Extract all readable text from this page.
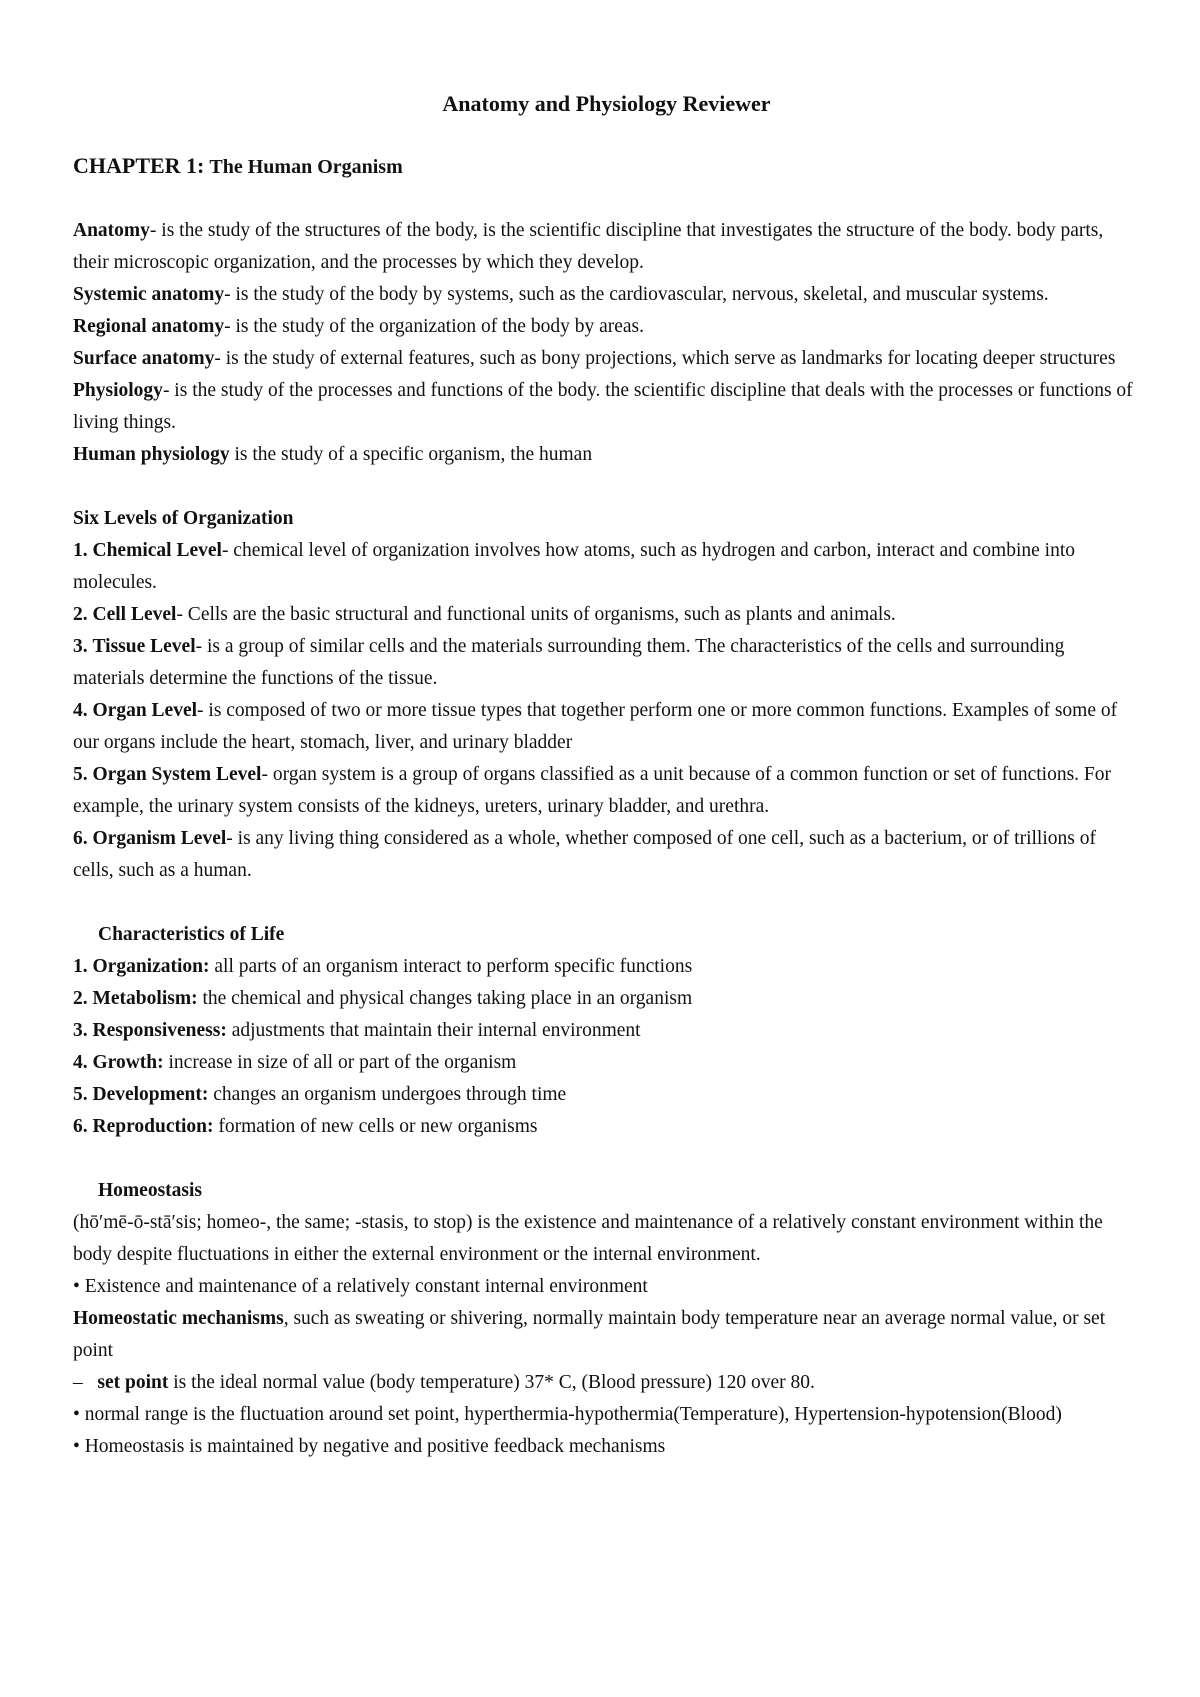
Anatomy and Physiology Reviewer
CHAPTER 1: The Human Organism

Anatomy- is the study of the structures of the body, is the scientific discipline that investigates the structure of the body. body parts, their microscopic organization, and the processes by which they develop.

Systemic anatomy- is the study of the body by systems, such as the cardiovascular, nervous, skeletal, and muscular systems.

Regional anatomy- is the study of the organization of the body by areas.

Surface anatomy- is the study of external features, such as bony projections, which serve as landmarks for locating deeper structures

Physiology- is the study of the processes and functions of the body. the scientific discipline that deals with the processes or functions of living things.

Human physiology is the study of a specific organism, the human

Six Levels of Organization

1. Chemical Level- chemical level of organization involves how atoms, such as hydrogen and carbon, interact and combine into molecules.

2. Cell Level- Cells are the basic structural and functional units of organisms, such as plants and animals.

3. Tissue Level- is a group of similar cells and the materials surrounding them. The characteristics of the cells and surrounding materials determine the functions of the tissue.

4. Organ Level- is composed of two or more tissue types that together perform one or more common functions. Examples of some of our organs include the heart, stomach, liver, and urinary bladder

5. Organ System Level- organ system is a group of organs classified as a unit because of a common function or set of functions. For example, the urinary system consists of the kidneys, ureters, urinary bladder, and urethra.

6. Organism Level- is any living thing considered as a whole, whether composed of one cell, such as a bacterium, or of trillions of cells, such as a human.

Characteristics of Life

1. Organization: all parts of an organism interact to perform specific functions

2. Metabolism: the chemical and physical changes taking place in an organism

3. Responsiveness: adjustments that maintain their internal environment

4. Growth: increase in size of all or part of the organism

5. Development: changes an organism undergoes through time

6. Reproduction: formation of new cells or new organisms

Homeostasis

(hō′mē-ō-stā′sis; homeo-, the same; -stasis, to stop) is the existence and maintenance of a relatively constant environment within the body despite fluctuations in either the external environment or the internal environment.

• Existence and maintenance of a relatively constant internal environment

Homeostatic mechanisms, such as sweating or shivering, normally maintain body temperature near an average normal value, or set point

– set point is the ideal normal value (body temperature) 37* C, (Blood pressure) 120 over 80.

• normal range is the fluctuation around set point, hyperthermia-hypothermia(Temperature), Hypertension-hypotension(Blood)

• Homeostasis is maintained by negative and positive feedback mechanisms
